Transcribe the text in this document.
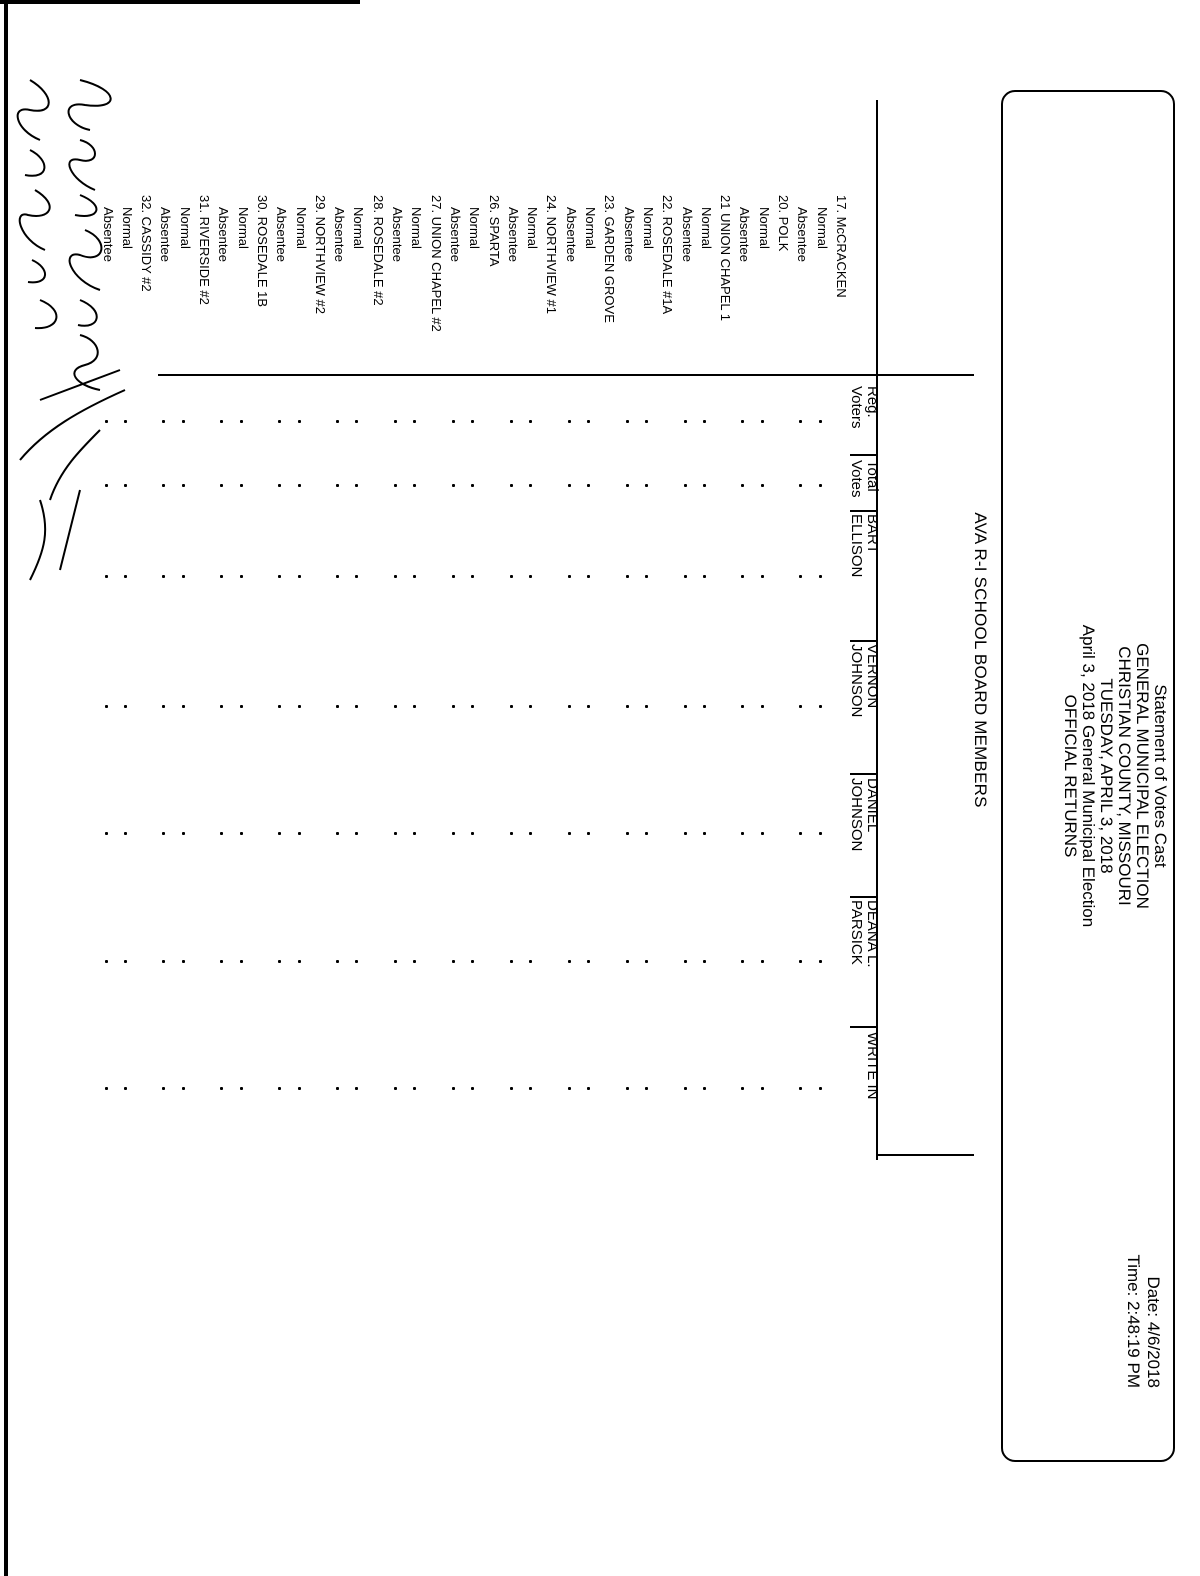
Statement of Votes Cast
GENERAL MUNICIPAL ELECTION
CHRISTIAN COUNTY, MISSOURI
TUESDAY, APRIL 3, 2018
April 3, 2018 General Municipal Election
OFFICIAL RETURNS
Date: 4/6/2018
Time: 2:48:19 PM
AVA R-I SCHOOL BOARD MEMBERS
Reg.
Voters
Total
Votes
BART
ELLISON
VERNON
JOHNSON
DANIEL
JOHNSON
DEANA L.
PARSICK
WRITE IN
17. McCRACKEN
Normal
Absentee
20. POLK
Normal
Absentee
21 UNION CHAPEL 1
Normal
Absentee
22. ROSEDALE #1A
Normal
Absentee
23. GARDEN GROVE
Normal
Absentee
24. NORTHVIEW #1
Normal
Absentee
26. SPARTA
Normal
Absentee
27. UNION CHAPEL #2
Normal
Absentee
28. ROSEDALE #2
Normal
Absentee
29. NORTHVIEW #2
Normal
Absentee
30. ROSEDALE 1B
Normal
Absentee
31. RIVERSIDE #2
Normal
Absentee
32. CASSIDY #2
Normal
Absentee
